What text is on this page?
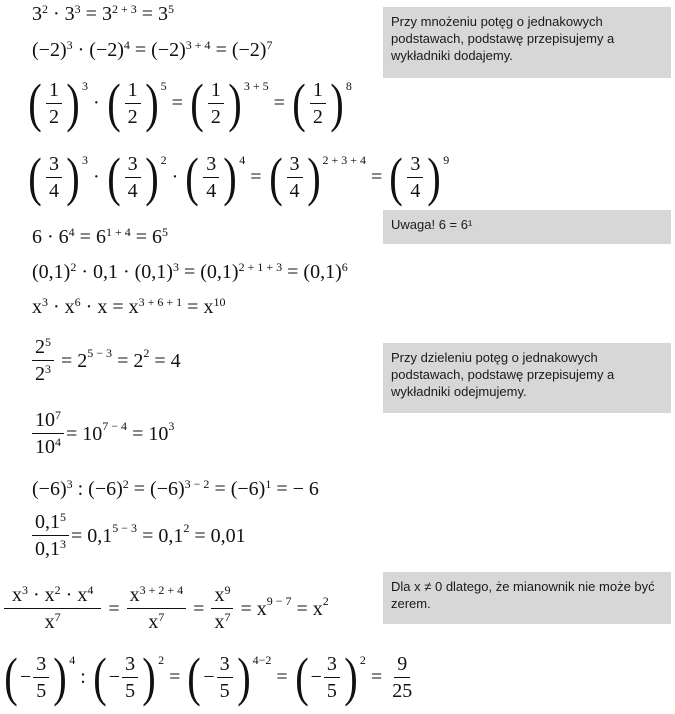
Przy mnożeniu potęg o jednakowych podstawach, podstawę przepisujemy a wykładniki dodajemy.
Uwaga! 6 = 6¹
Przy dzieleniu potęg o jednakowych podstawach, podstawę przepisujemy a wykładniki odejmujemy.
Dla x ≠ 0 dlatego, że mianownik nie może być zerem.
$3^2 \cdot 3^3 = 3^{2 + 3} = 3^5$
$(-2)^3 \cdot (-2)^4 = (-2)^{3 + 4} = (-2)^7$
( $\frac{1}{2} )^3$
· ( $\frac{1}{2} )^5$
= ( $\frac{1}{2} )^{3 + 5}$
= ( $\frac{1}{2} )^8$
( $\frac{3}{4} )^3$
· ( $\frac{3}{4} )^2$
· ( $\frac{3}{4} )^4$
= ( $\frac{3}{4} )^{2 + 3 + 4}$
= ( $\frac{3}{4} )^9$
$6 \cdot 6^4 = 6^{1 + 4} = 6^5$
$(0,1)^2 \cdot 0,1 \cdot (0,1)^3 = (0,1)^{2 + 1 + 3} = (0,1)^6$
$x^3 \cdot x^6 \cdot x = x^{3 + 6 + 1} = x^{10}$
$\frac{2^5}{2^3}$
= $2^{5 - 3}$
= $2^2$
= 4
$\frac{10^7}{10^4} = 10^{7 - 4}$
= $10^3$
$(-6)^3$ : $(-6)^2 = (-6)^{3 - 2} = (-6)^1$ = − 6
$\frac{0,1^5}{0,1^3} = 0,1^{5 - 3}$
= $0,1^2$
= 0,01
$\frac{x^3 \cdot x^2 \cdot x^4}{x^7} = \frac{x^{3 + 2 + 4}}{x^7} = \frac{x^9}{x^7}$
= $x^{9 - 7}$
= $x^2$
( − $\frac{3}{5} )^4$
: ( − $\frac{3}{5} )^2$
= ( − $\frac{3}{5} )^{4-2}$
= ( − $\frac{3}{5} )^2$
= $\frac{9}{25}$
